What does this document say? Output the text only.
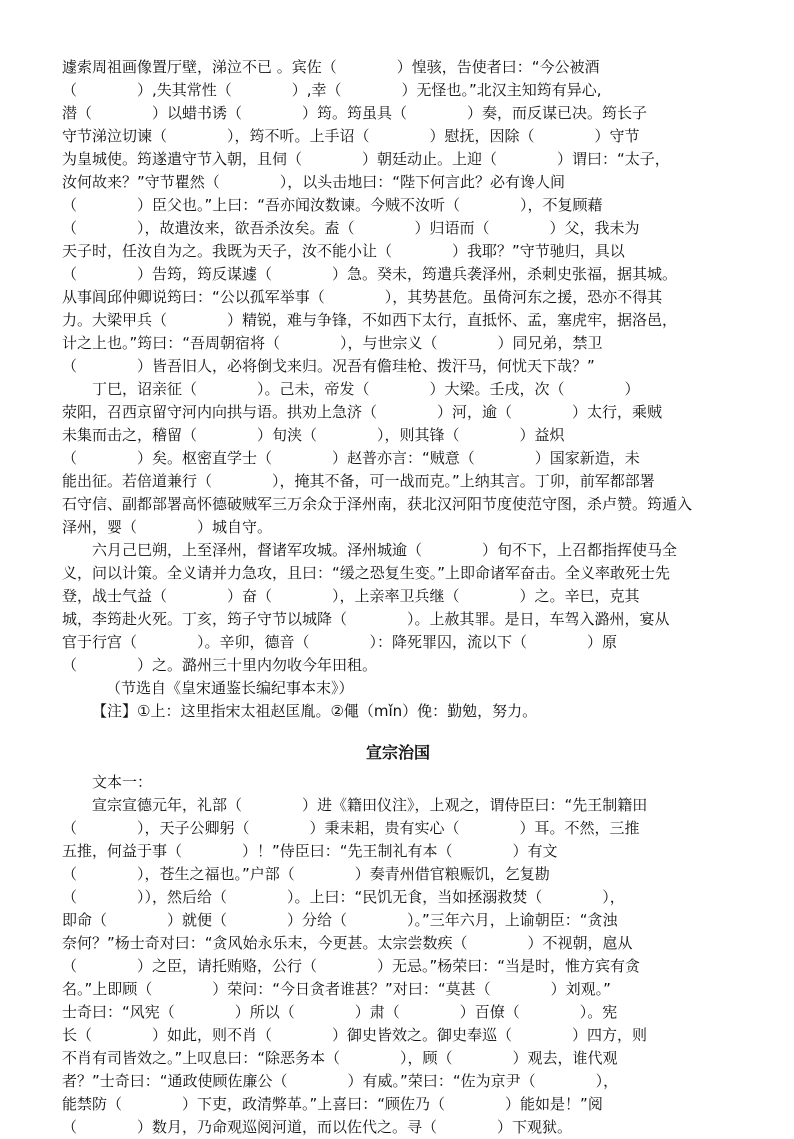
遽索周祖画像置厅壁，涕泣不已 。宾佐（　　　　）惶骇，告使者曰：“今公被酒
（　　　　）,失其常性（　　　　）,幸（　　　　）无怪也。”北汉主知筠有异心,
潜（　　　　）以蜡书诱（　　　　）筠。筠虽具（　　　　）奏，而反谋已决。筠长子
守节涕泣切谏（　　　　），筠不听。上手诏（　　　　）慰抚，因除（　　　　）守节
为皇城使。筠遂遣守节入朝，且伺（　　　　）朝廷动止。上迎（　　　　）谓曰：“太子，
汝何故来？”守节瞿然（　　　　），以头击地曰：“陛下何言此？必有谗人间
（　　　　）臣父也。”上曰：“吾亦闻汝数谏。今贼不汝听（　　　　），不复顾藉
（　　　　），故遣汝来，欲吾杀汝矣。盍（　　　　）归语而（　　　　）父，我未为
天子时，任汝自为之。我既为天子，汝不能小让（　　　　）我耶？”守节驰归，具以
（　　　　）告筠，筠反谋遽（　　　　）急。癸未，筠遣兵袭泽州，杀刺史张福，据其城。
从事闾邱仲卿说筠曰：“公以孤军举事（　　　　），其势甚危。虽倚河东之援，恐亦不得其
力。大梁甲兵（　　　　）精锐，难与争锋，不如西下太行，直抵怀、孟，塞虎牢，据洛邑，
计之上也。”筠曰：“吾周朝宿将（　　　　），与世宗义（　　　　）同兄弟，禁卫
（　　　　）皆吾旧人，必将倒戈来归。况吾有儋珪枪、拨汗马，何忧天下哉？”
丁巳，诏亲征（　　　　）。己未，帝发（　　　　）大梁。壬戌，次（　　　　）
荥阳，召西京留守河内向拱与语。拱劝上急济（　　　　）河，逾（　　　　）太行，乘贼
未集而击之，稽留（　　　　）旬浃（　　　　），则其锋（　　　　）益炽
（　　　　）矣。枢密直学士（　　　　）赵普亦言：“贼意（　　　　）国家新造，未
能出征。若倍道兼行（　　　　），掩其不备，可一战而克。”上纳其言。丁卯，前军都部署
石守信、副都部署高怀德破贼军三万余众于泽州南，获北汉河阳节度使范守图，杀卢赞。筠遁入
泽州，婴（　　　　）城自守。
六月己巳朔，上至泽州，督诸军攻城。泽州城逾（　　　　）旬不下，上召都指挥使马全
义，问以计策。全义请并力急攻，且曰：“缓之恐复生变。”上即命诸军奋击。全义率敢死士先
登，战士气益（　　　　）奋（　　　　），上亲率卫兵继（　　　　）之。辛巳，克其
城，李筠赴火死。丁亥，筠子守节以城降（　　　　）。上赦其罪。是日，车驾入潞州，宴从
官于行宫（　　　　）。辛卯，德音（　　　　）：降死罪囚，流以下（　　　　）原
（　　　　）之。潞州三十里内勿收今年田租。
（节选自《皇宋通鉴长编纪事本末》）
【注】①上：这里指宋太祖赵匡胤。②僶（mǐn）俛：勤勉，努力。
宣宗治国
文本一：
宣宗宣德元年，礼部（　　　　）进《籍田仪注》，上观之，谓侍臣曰：“先王制籍田
（　　　　），天子公卿躬（　　　　）秉耒耜，贵有实心（　　　　）耳。不然，三推
五推，何益于事（　　　　）！”侍臣曰：“先王制礼有本（　　　　）有文
（　　　　），苍生之福也。”户部（　　　　）奏青州借官粮赈饥，乞复勘
（　　　　）），然后给（　　　　）。上曰：“民饥无食，当如拯溺救焚（　　　　），
即命（　　　　）就便（　　　　）分给（　　　　）。”三年六月，上谕朝臣：“贪浊
奈何？”杨士奇对曰：“贪风始永乐末，今更甚。太宗尝数疾（　　　　）不视朝，扈从
（　　　　）之臣，请托贿赂，公行（　　　　）无忌。”杨荣曰：“当是时，惟方宾有贪
名。”上即顾（　　　　）荣问：“今日贪者谁甚？”对曰：“莫甚（　　　　）刘观。”
士奇曰：“风宪（　　　　）所以（　　　　）肃（　　　　）百僚（　　　　）。宪
长（　　　　）如此，则不肖（　　　　）御史皆效之。御史奉巡（　　　　）四方，则
不肖有司皆效之。”上叹息曰：“除恶务本（　　　　），顾（　　　　）观去，谁代观
者？”士奇曰：“通政使顾佐廉公（　　　　）有威。”荣曰：“佐为京尹（　　　　），
能禁防（　　　　）下吏，政清弊革。”上喜曰：“顾佐乃（　　　　）能如是！”阅
（　　　　）数月，乃命观巡阅河道，而以佐代之。寻（　　　　）下观狱。
